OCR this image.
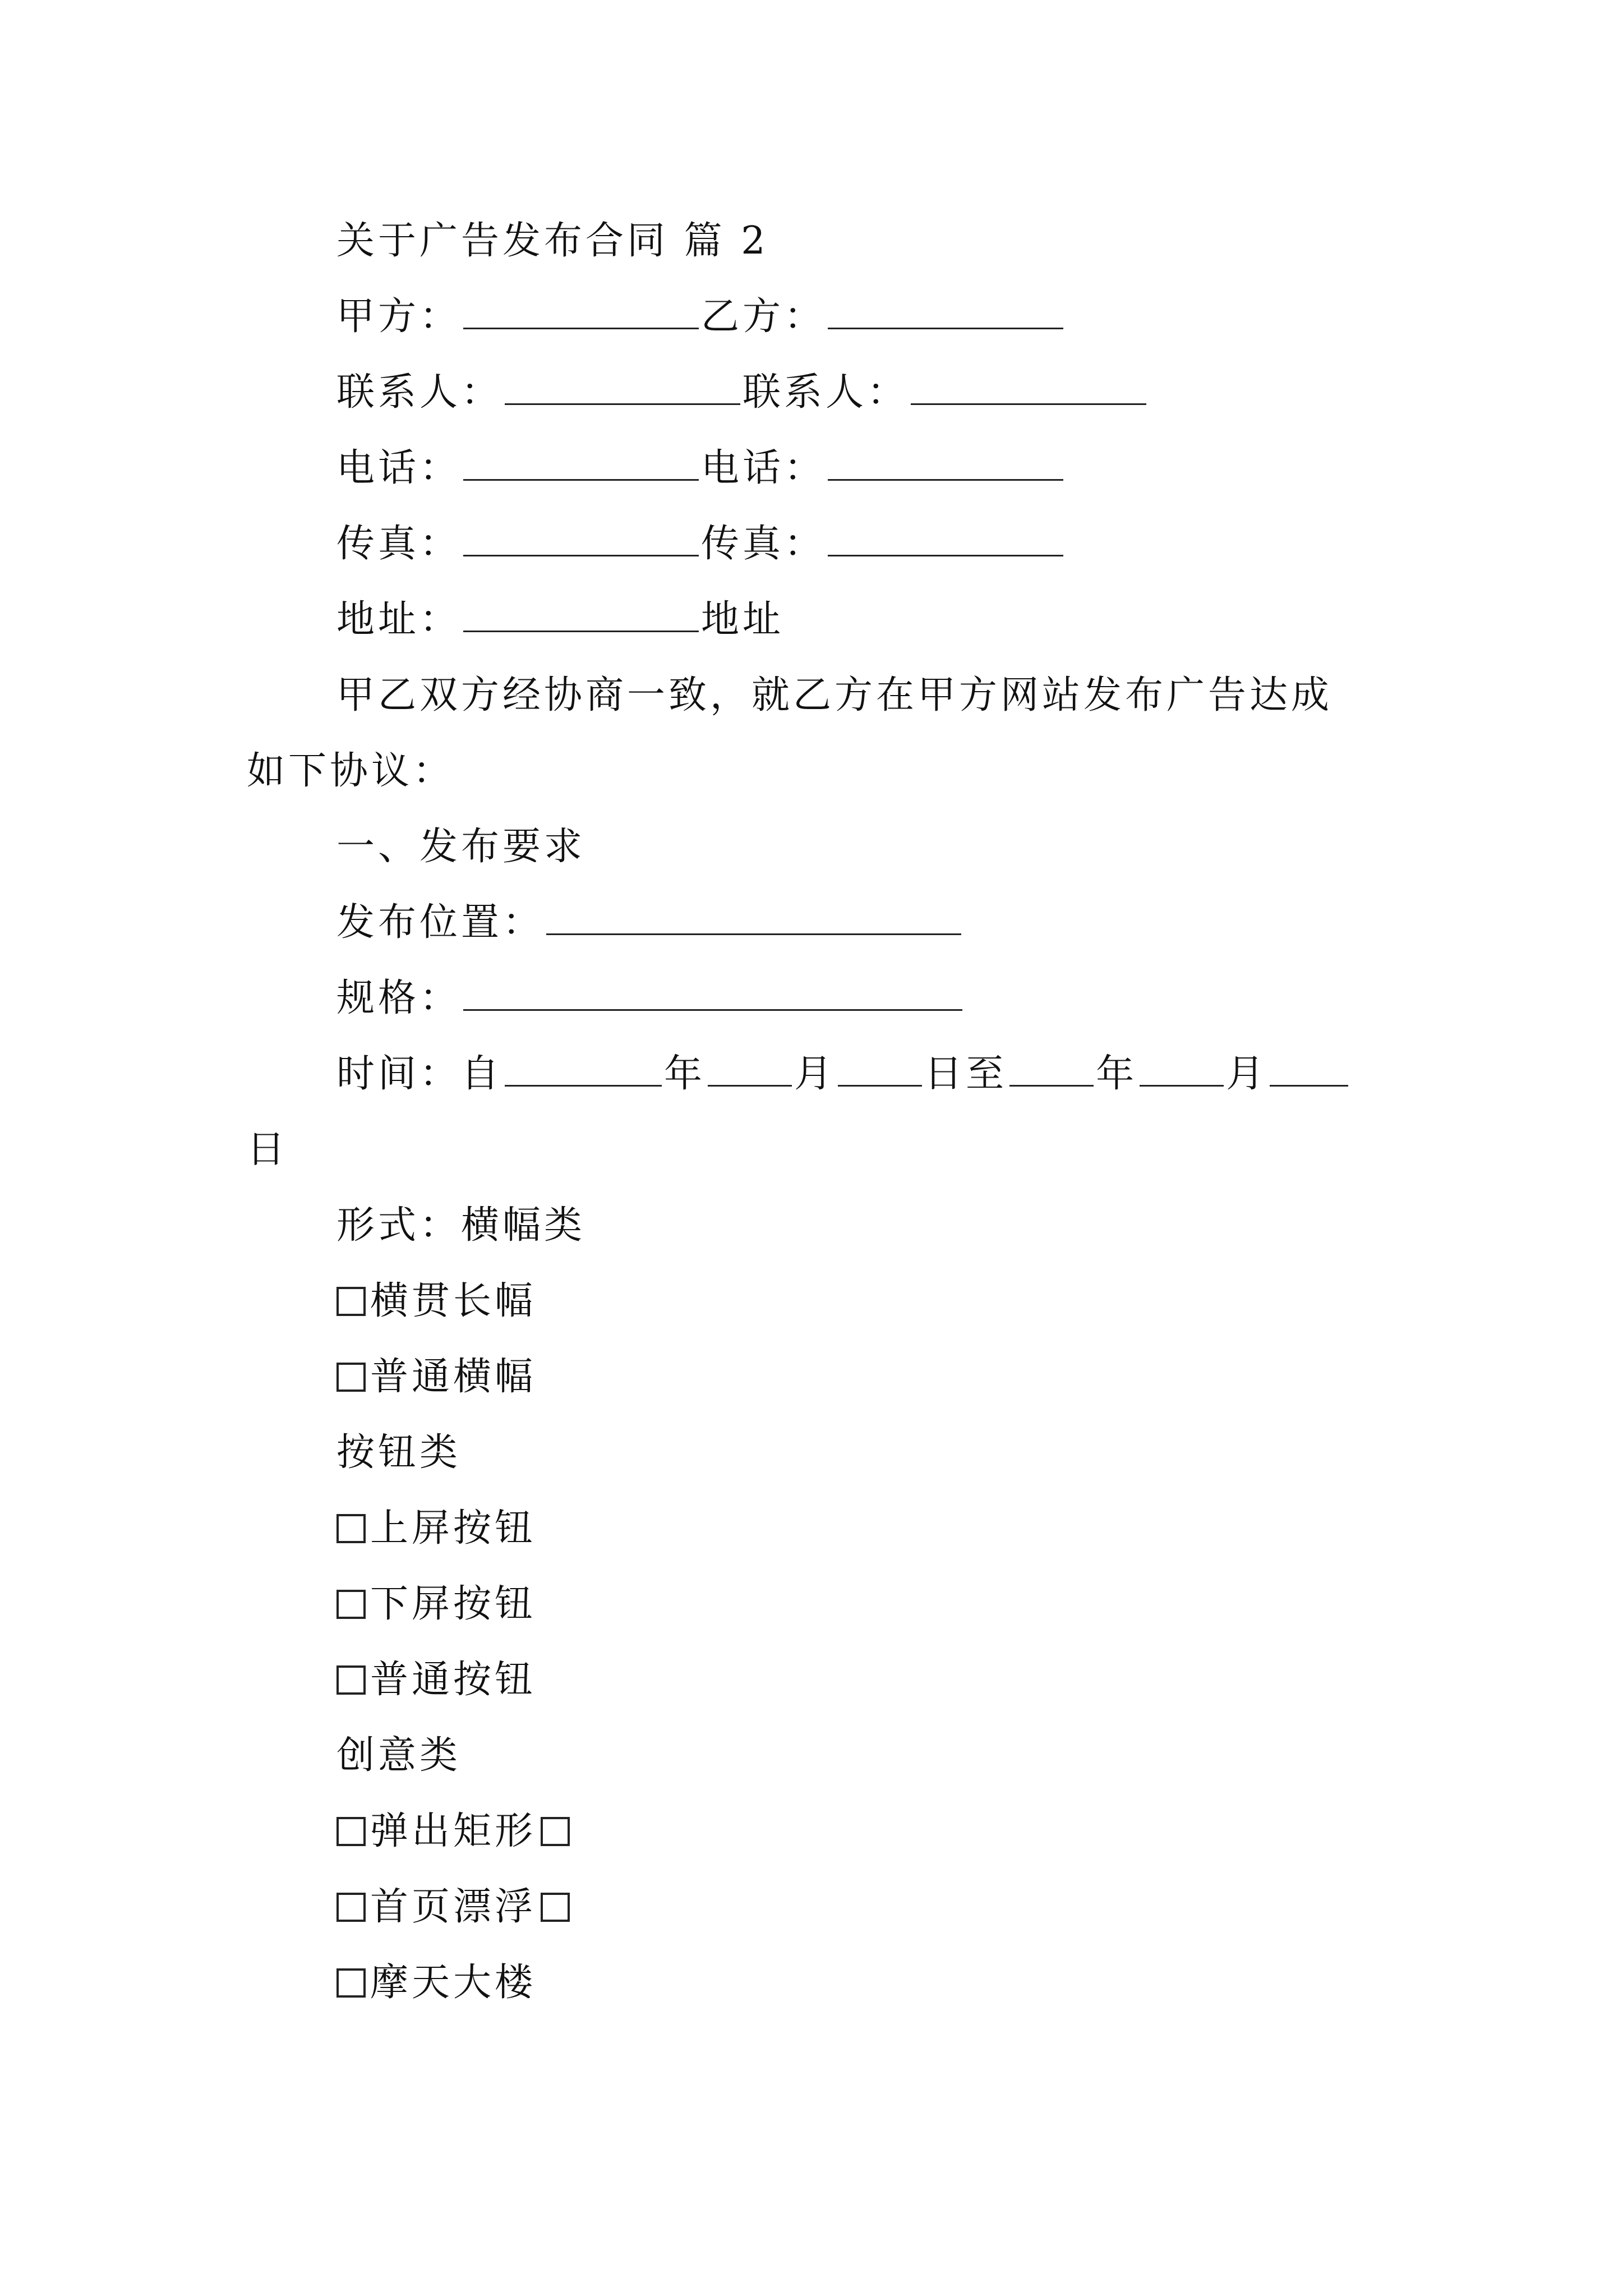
关于广告发布合同 篇 2
甲方：	乙方：
联系人：	联系人：
电话：	电话：
传真：	传真：
地址：	地址
甲乙双方经协商一致，就乙方在甲方网站发布广告达成
如下协议：
一、发布要求
发布位置：
规格：
时间：自	年 月 日至 年 月
日
形式：横幅类
横贯长幅
普通横幅
按钮类
上屏按钮
下屏按钮
普通按钮
创意类
弹出矩形
首页漂浮
摩天大楼
